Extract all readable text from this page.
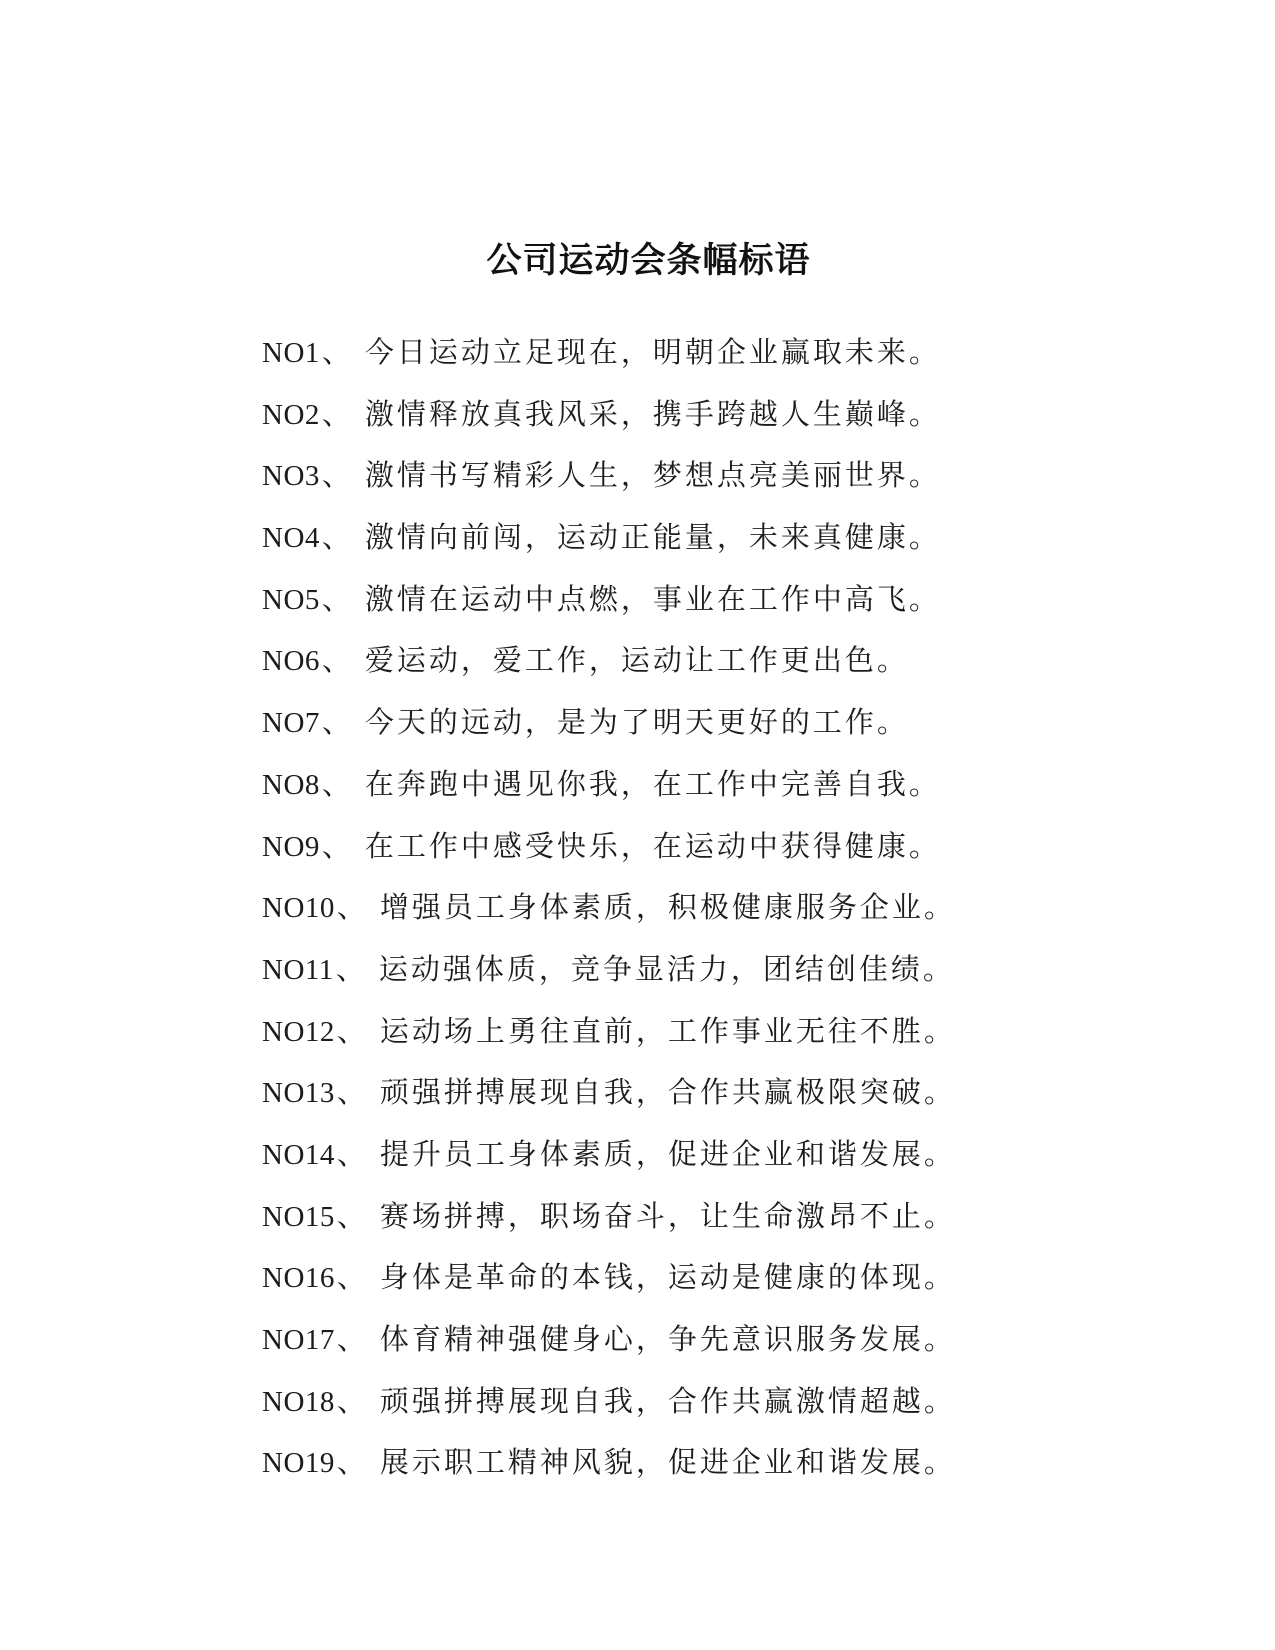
公司运动会条幅标语

NO1、 今日运动立足现在，明朝企业赢取未来。

NO2、 激情释放真我风采，携手跨越人生巅峰。

NO3、 激情书写精彩人生，梦想点亮美丽世界。

NO4、 激情向前闯，运动正能量，未来真健康。

NO5、 激情在运动中点燃，事业在工作中高飞。

NO6、 爱运动，爱工作，运动让工作更出色。

NO7、 今天的远动，是为了明天更好的工作。

NO8、 在奔跑中遇见你我，在工作中完善自我。

NO9、 在工作中感受快乐，在运动中获得健康。

NO10、 增强员工身体素质，积极健康服务企业。

NO11、 运动强体质，竞争显活力，团结创佳绩。

NO12、 运动场上勇往直前，工作事业无往不胜。

NO13、 顽强拼搏展现自我，合作共赢极限突破。

NO14、 提升员工身体素质，促进企业和谐发展。

NO15、 赛场拼搏，职场奋斗，让生命激昂不止。

NO16、 身体是革命的本钱，运动是健康的体现。

NO17、 体育精神强健身心，争先意识服务发展。

NO18、 顽强拼搏展现自我，合作共赢激情超越。

NO19、 展示职工精神风貌，促进企业和谐发展。
